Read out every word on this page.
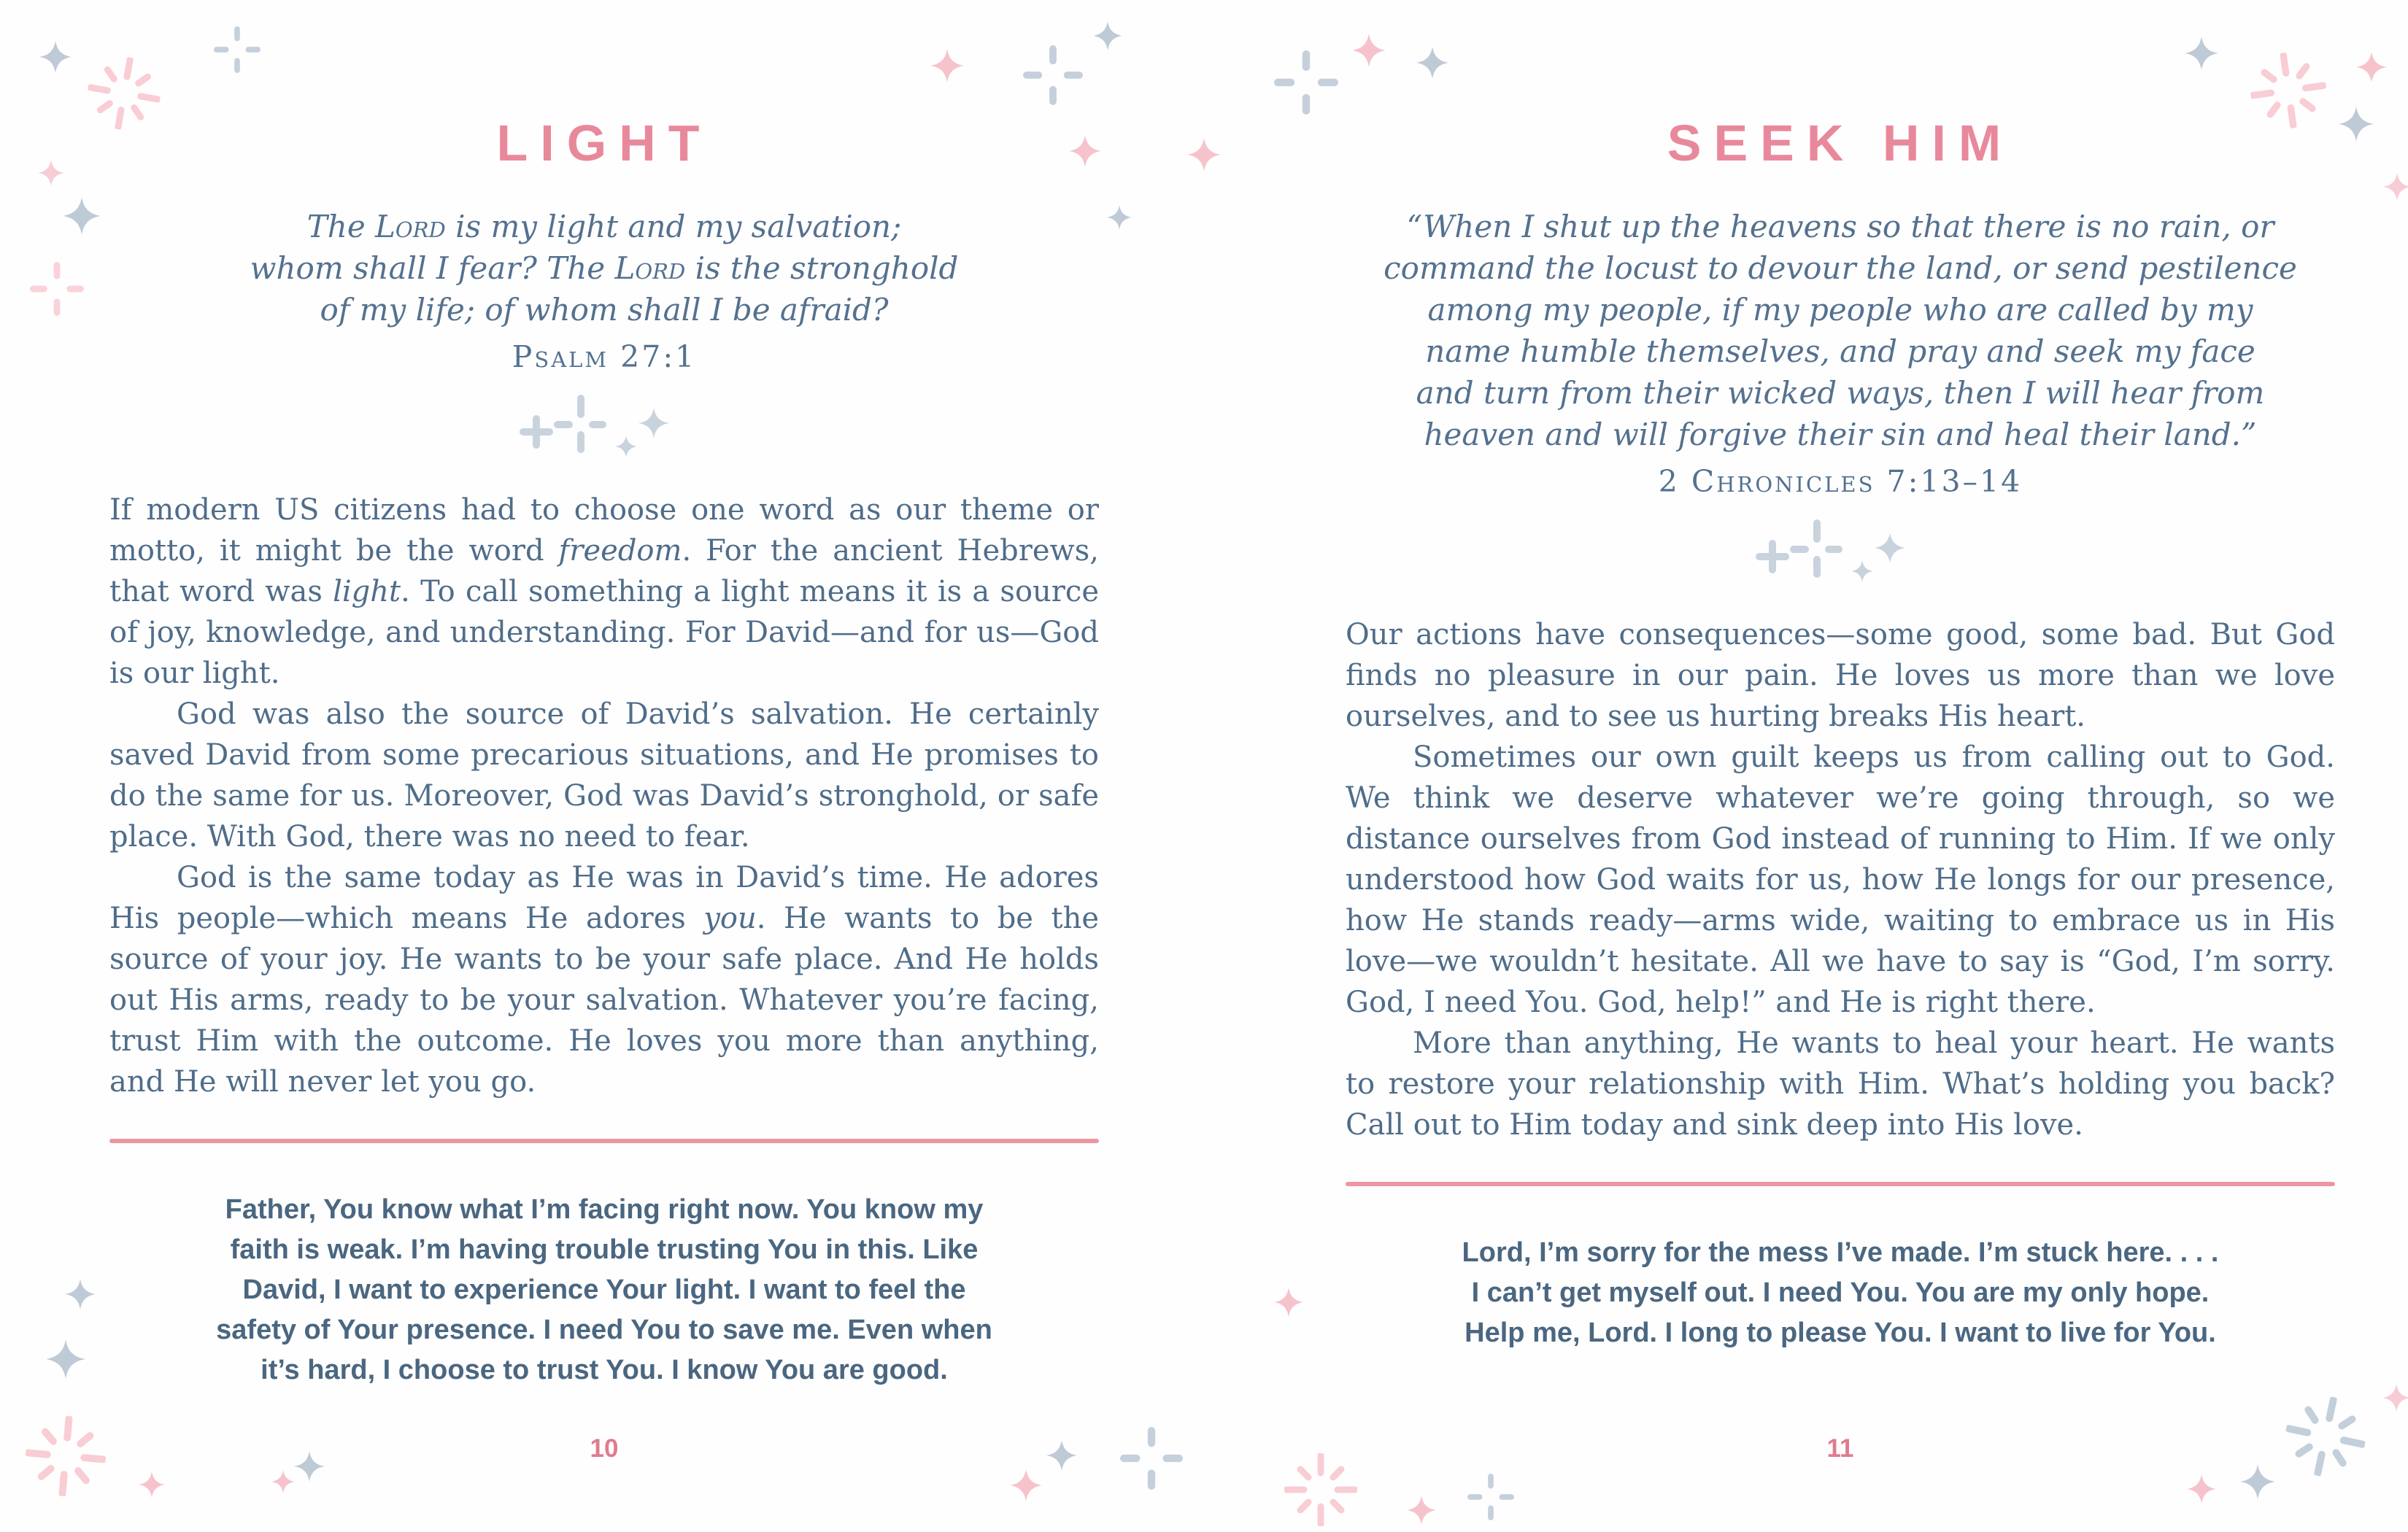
LIGHT
The Lord is my light and my salvation;
whom shall I fear? The Lord is the stronghold
of my life; of whom shall I be afraid?
Psalm 27:1

If modern US citizens had to choose one word as our theme or motto, it might be the word freedom. For the ancient Hebrews, that word was light. To call something a light means it is a source of joy, knowledge, and understanding. For David—and for us—God is our light.

God was also the source of David’s salvation. He certainly saved David from some precarious situations, and He promises to do the same for us. Moreover, God was David’s stronghold, or safe place. With God, there was no need to fear.

God is the same today as He was in David’s time. He adores His people—which means He adores you. He wants to be the source of your joy. He wants to be your safe place. And He holds out His arms, ready to be your salvation. Whatever you’re facing, trust Him with the outcome. He loves you more than anything, and He will never let you go.

Father, You know what I’m facing right now. You know my
faith is weak. I’m having trouble trusting You in this. Like
David, I want to experience Your light. I want to feel the
safety of Your presence. I need You to save me. Even when
it’s hard, I choose to trust You. I know You are good.
10
SEEK HIM
“When I shut up the heavens so that there is no rain, or
command the locust to devour the land, or send pestilence
among my people, if my people who are called by my
name humble themselves, and pray and seek my face
and turn from their wicked ways, then I will hear from
heaven and will forgive their sin and heal their land.”
2 Chronicles 7:13–14

Our actions have consequences—some good, some bad. But God finds no pleasure in our pain. He loves us more than we love ourselves, and to see us hurting breaks His heart.

Sometimes our own guilt keeps us from calling out to God. We think we deserve whatever we’re going through, so we distance ourselves from God instead of running to Him. If we only understood how God waits for us, how He longs for our presence, how He stands ready—arms wide, waiting to embrace us in His love—we wouldn’t hesitate. All we have to say is “God, I’m sorry. God, I need You. God, help!” and He is right there.

More than anything, He wants to heal your heart. He wants to restore your relationship with Him. What’s holding you back? Call out to Him today and sink deep into His love.

Lord, I’m sorry for the mess I’ve made. I’m stuck here. . . .
I can’t get myself out. I need You. You are my only hope.
Help me, Lord. I long to please You. I want to live for You.
11
